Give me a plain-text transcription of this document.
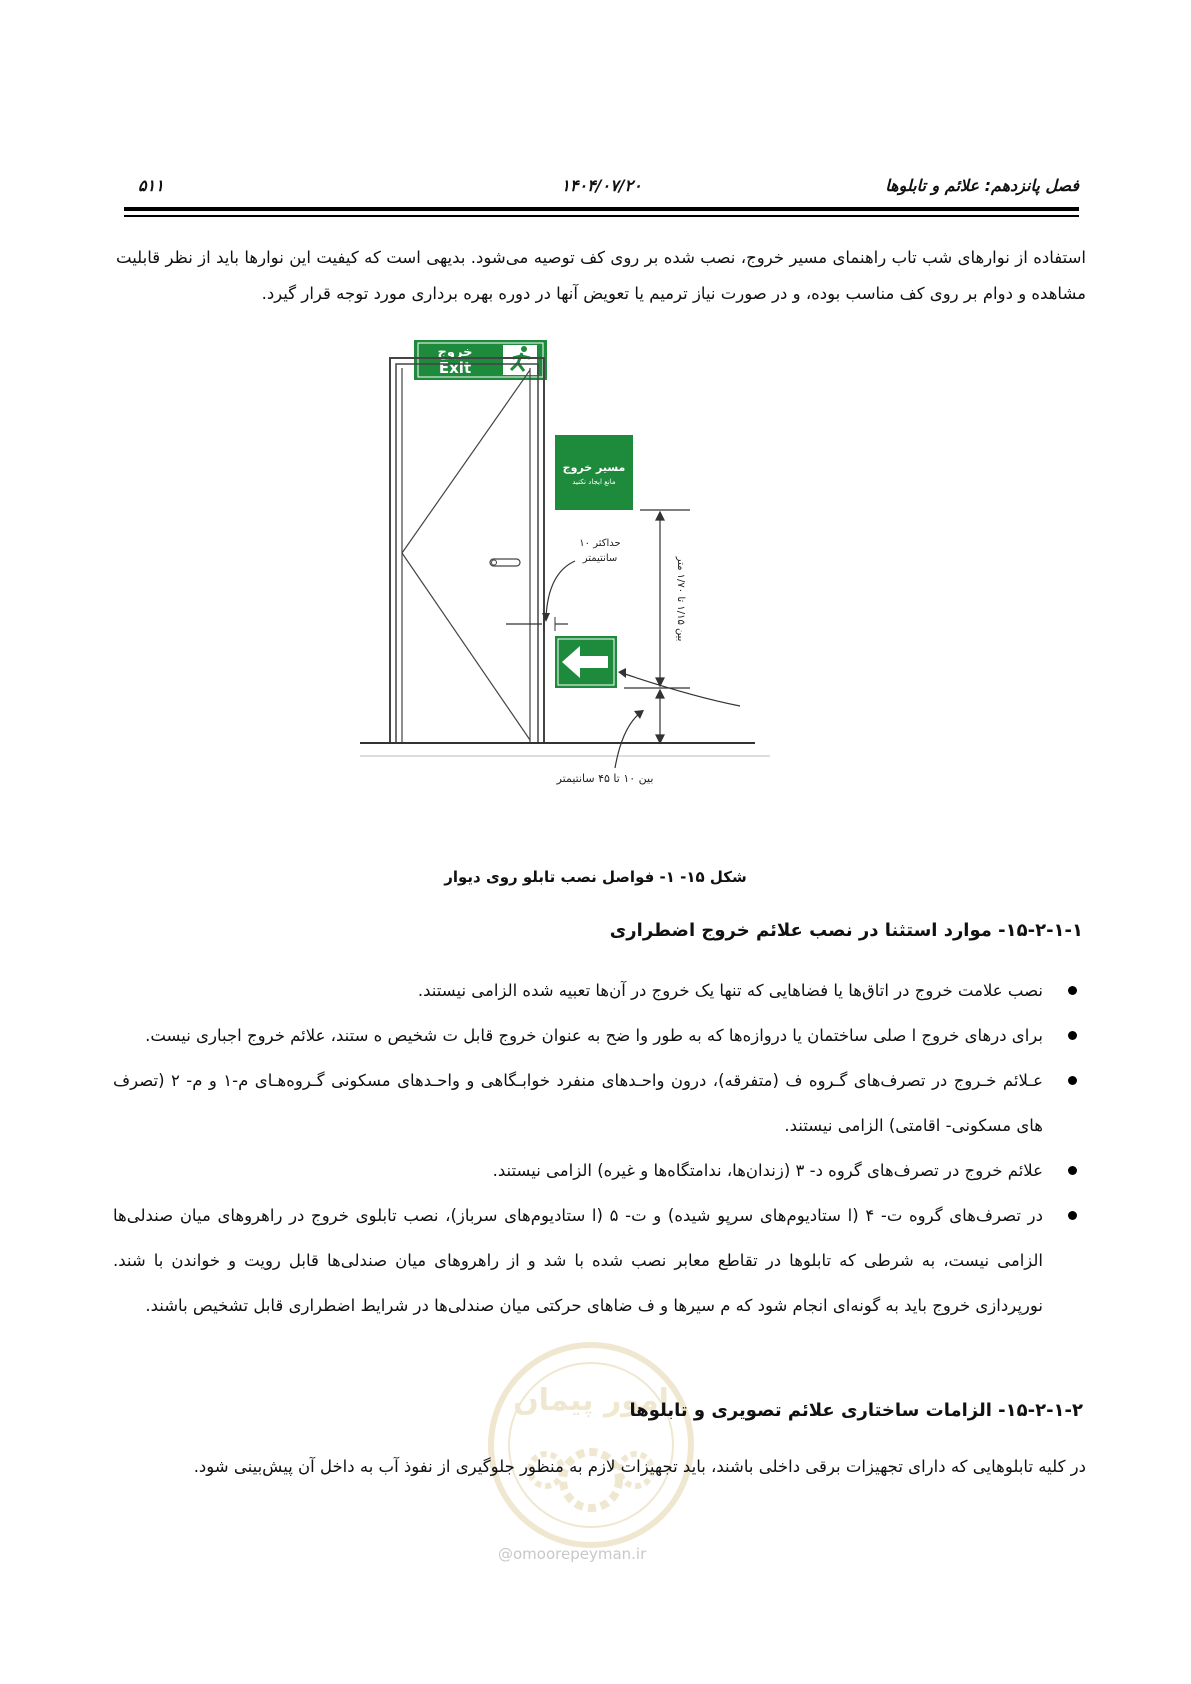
فصل پانزدهم: علائم و تابلوها
۱۴۰۴/۰۷/۲۰
۵۱۱

استفاده از نوارهای شب تاب راهنمای مسیر خروج، نصب شده بر روی کف توصیه می‌شود. بدیهی است که کیفیت این نوارها باید از نظر قابلیت مشاهده و دوام بر روی کف مناسب بوده، و در صورت نیاز ترمیم یا تعویض آنها در دوره بهره برداری مورد توجه قرار گیرد.

خروج
Exit
مسیر خروج
مانع ایجاد نکنید
حداکثر ۱۰
سانتیمتر	بین ۱/۱۵ تا ۱/۷۰ متر
بین ۱۰ تا ۴۵ سانتیمتر
شکل ۱۵- ۱- فواصل نصب تابلو روی دیوار
۱۵-۲-۱-۱- موارد استثنا در نصب علائم خروج اضطراری
نصب علامت خروج در اتاق‌ها یا فضاهایی که تنها یک خروج در آن‌ها تعبیه شده الزامی نیستند.
برای درهای خروج ا صلی ساختمان یا دروازه‌ها که به طور وا ضح به عنوان خروج قابل ت شخیص ه ستند، علائم خروج اجباری نیست.
عـلائم خـروج در تصرف‌های گـروه ف (متفرقه)، درون واحـدهای منفرد خوابـگاهی و واحـدهای مسکونی گـروه‌هـای م-۱ و م- ۲ (تصرف های مسکونی- اقامتی) الزامی نیستند.
علائم خروج در تصرف‌های گروه د- ۳ (زندان‌ها، ندامتگاه‌ها و غیره) الزامی نیستند.
در تصرف‌های گروه ت- ۴ (ا ستادیوم‌های سرپو شیده) و ت- ۵ (ا ستادیوم‌های سرباز)، نصب تابلوی خروج در راهروهای میان صندلی‌ها الزامی نیست، به شرطی که تابلوها در تقاطع معابر نصب شده با شد و از راهروهای میان صندلی‌ها قابل رویت و خواندن با شند. نورپردازی خروج باید به گونه‌ای انجام شود که م سیرها و ف ضاهای حرکتی میان صندلی‌ها در شرایط اضطراری قابل تشخیص باشند.
امور پیمان
۱۵-۲-۱-۲- الزامات ساختاری علائم تصویری و تابلوها

در کلیه تابلوهایی که دارای تجهیزات برقی داخلی باشند، باید تجهیزات لازم به منظور جلوگیری از نفوذ آب به داخل آن پیش‌بینی شود.

@omoorepeyman.ir
